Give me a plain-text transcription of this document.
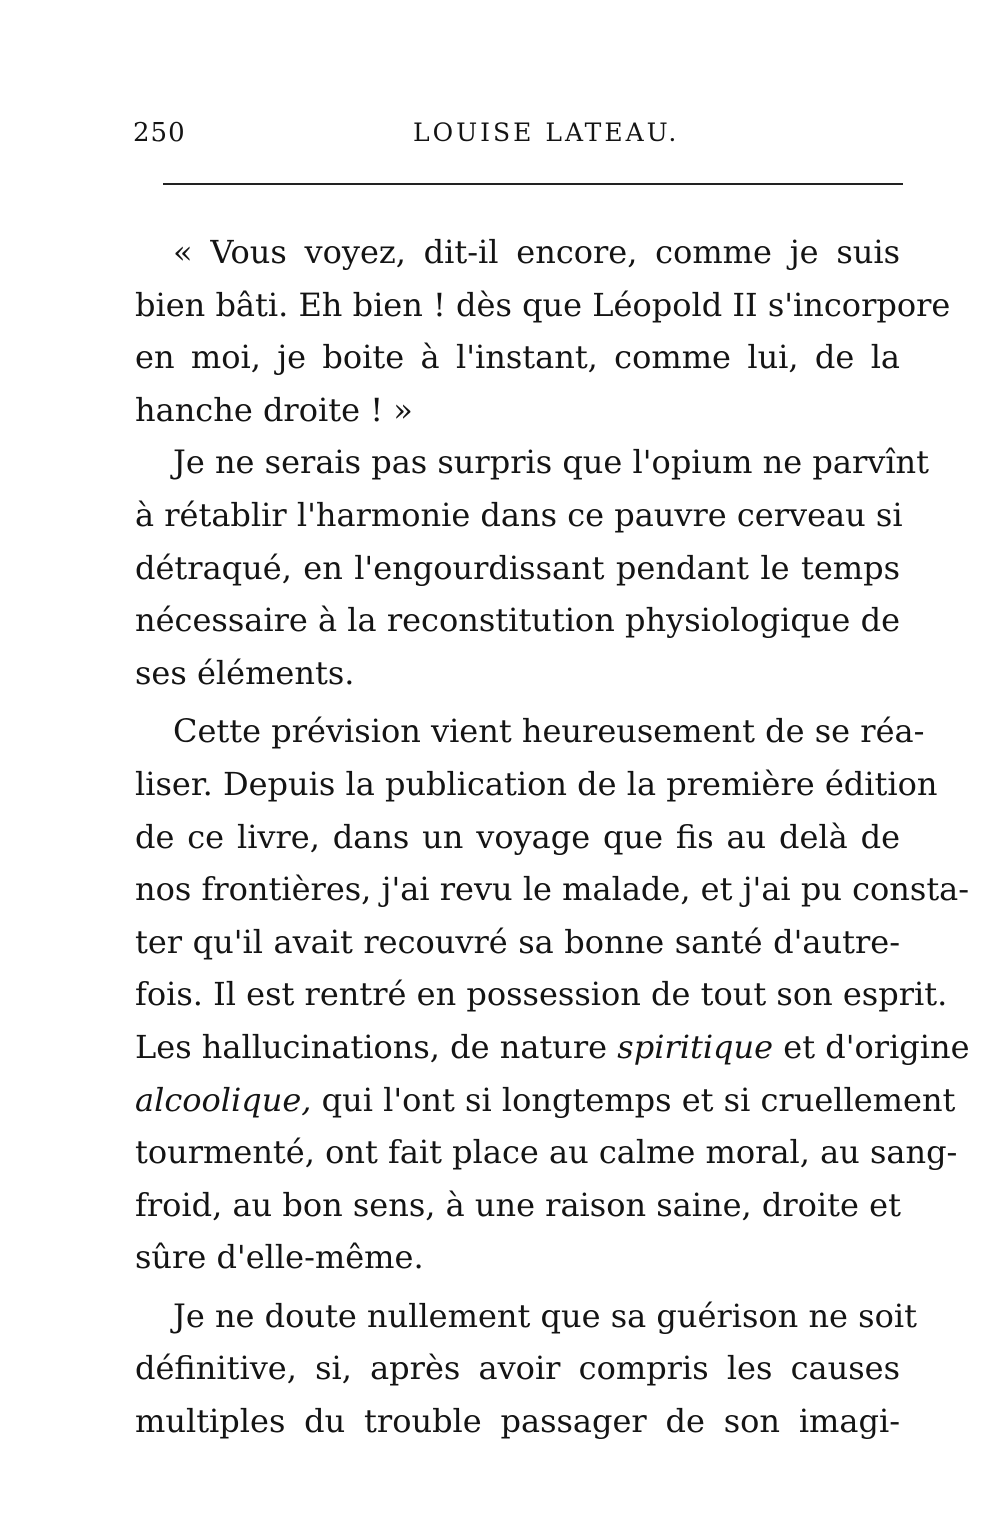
250	LOUISE LATEAU.
« Vous voyez, dit-il encore, comme je suis
bien bâti. Eh bien ! dès que Léopold II s'incorpore
en moi, je boite à l'instant, comme lui, de la
hanche droite ! »
Je ne serais pas surpris que l'opium ne parvînt
à rétablir l'harmonie dans ce pauvre cerveau si
détraqué, en l'engourdissant pendant le temps
nécessaire à la reconstitution physiologique de
ses éléments.
Cette prévision vient heureusement de se réa-
liser. Depuis la publication de la première édition
de ce livre, dans un voyage que fis au delà de
nos frontières, j'ai revu le malade, et j'ai pu consta-
ter qu'il avait recouvré sa bonne santé d'autre-
fois. Il est rentré en possession de tout son esprit.
Les hallucinations, de nature spiritique et d'origine
alcoolique, qui l'ont si longtemps et si cruellement
tourmenté, ont fait place au calme moral, au sang-
froid, au bon sens, à une raison saine, droite et
sûre d'elle-même.
Je ne doute nullement que sa guérison ne soit
définitive, si, après avoir compris les causes
multiples du trouble passager de son imagi-
